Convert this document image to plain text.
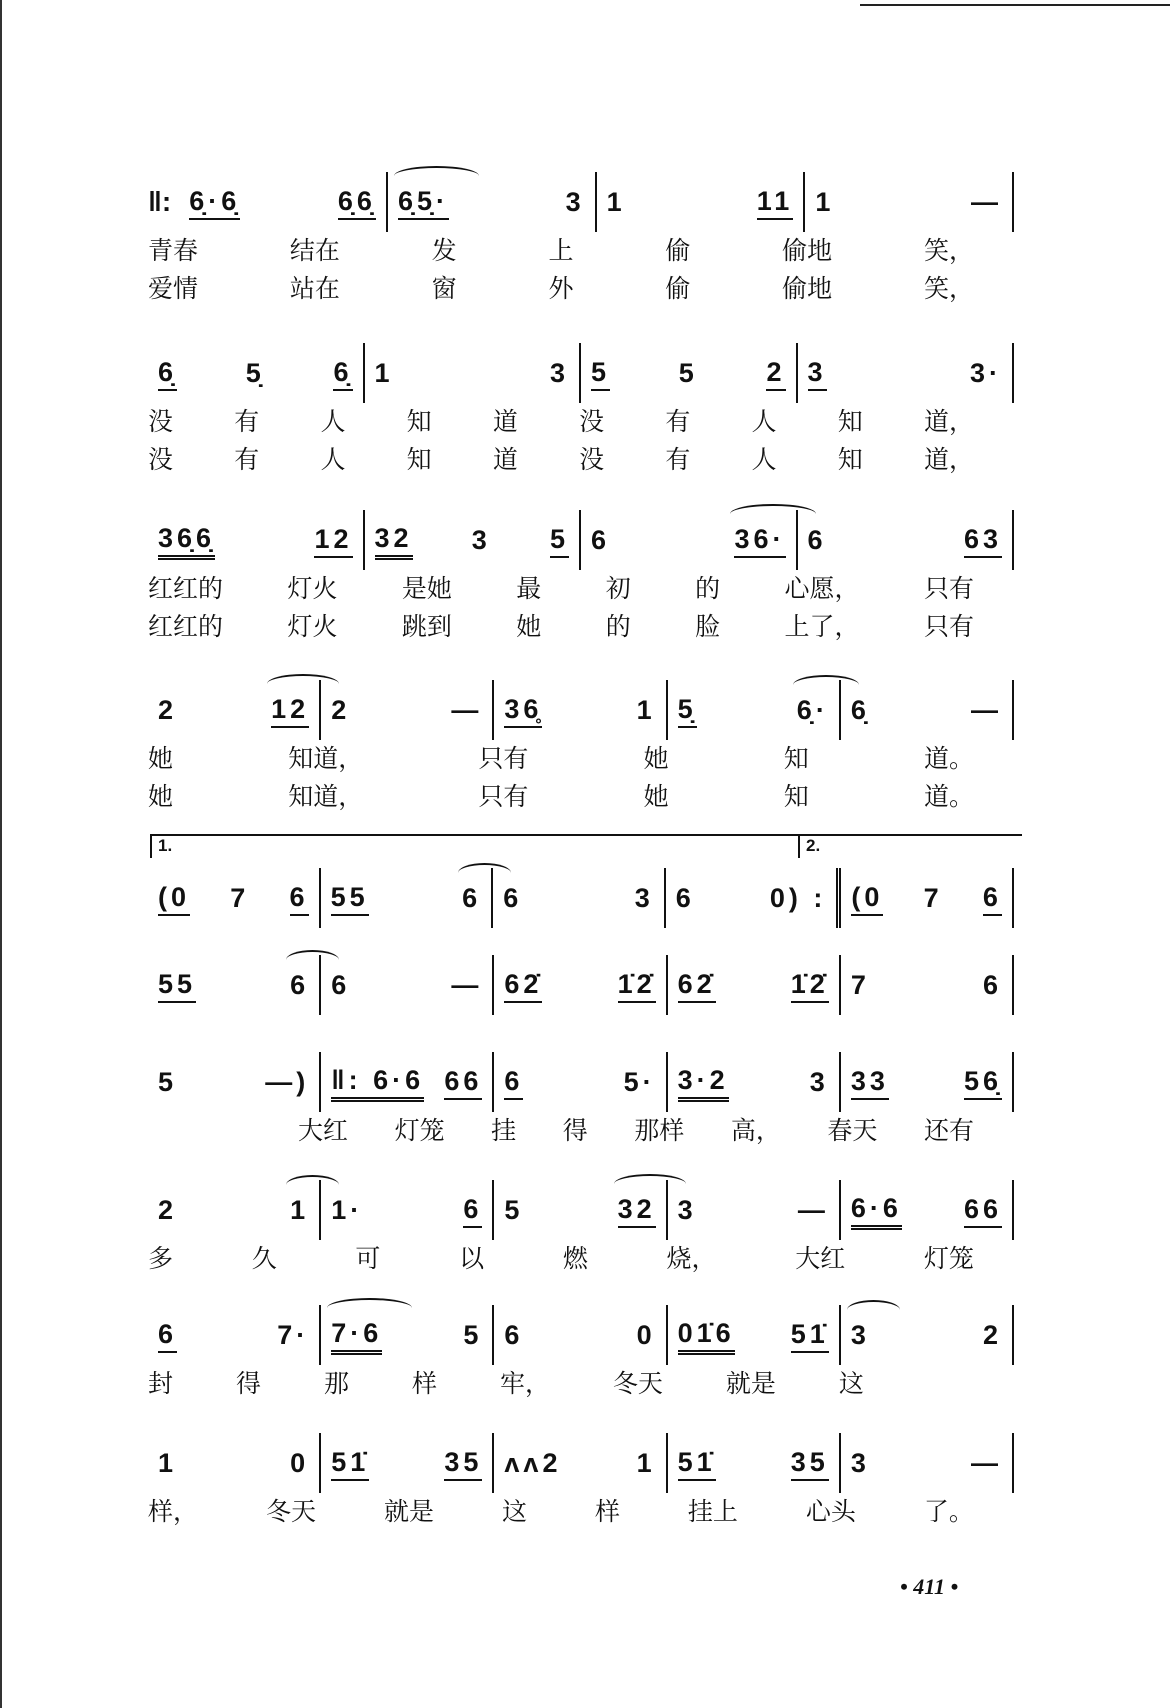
‖: 6̣·6̣	6̣6̣ 6̣5̣·	3 1	11 1	—
青春	结在	发	上	偷	偷地	笑，
爱情	站在	窗	外	偷	偷地	笑，
6̣	5̣	6̣ 1	3 5	5	2 3	3·
没 有 人 知 道 没 有 人 知 道，
没 有 人 知 道 没 有 人 知 道，
36̣6̣	12 32 3 5 6	36· 6	63
红红的	灯火	是她	最	初	的	心愿，	只有
红红的	灯火	跳到	她	的	脸	上了，	只有
2	12 2	— 36̥	1 5̣	6̣· 6̣	—
她	知道，	只有	她	知	道。
她	知道，	只有	她	知	道。
(0 7 6 55	6 6	3 6	0) : (0 7 6
55	6 6	— 62̇	1̇2̇ 62̇	1̇2̇ 7	6
5	—) ‖: 6·6 66 6	5· 3·2	3 33	56̣
大红 灯笼 挂 得 那样 高， 春天 还有
2	1 1·	6 5	32 3	— 6·6 66
多	久	可	以	燃	烧，	大红	灯笼
6	7· 7·6	5 6	0 01̇6 51̇ 3	2
封	得	那	样	牢，	冬天	就是	这
1	0 51̇	35 ᴧᴧ2	1 51̇	35 3	—
样，	冬天	就是	这	样	挂上	心头	了。
1.	2.
• 411 •
